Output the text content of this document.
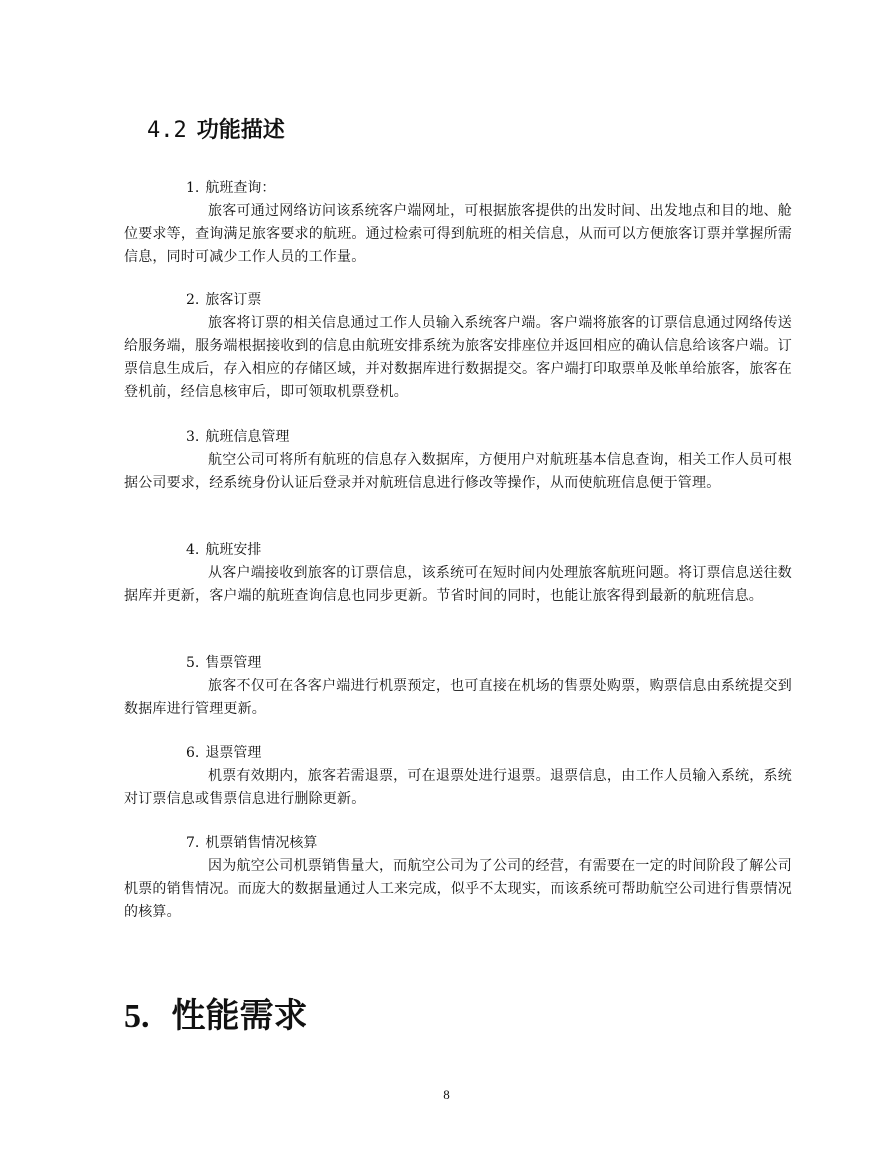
4.2 功能描述
1. 航班查询：
旅客可通过网络访问该系统客户端网址，可根据旅客提供的出发时间、出发地点和目的地、舱位要求等，查询满足旅客要求的航班。通过检索可得到航班的相关信息，从而可以方便旅客订票并掌握所需信息，同时可减少工作人员的工作量。
2. 旅客订票
旅客将订票的相关信息通过工作人员输入系统客户端。客户端将旅客的订票信息通过网络传送给服务端，服务端根据接收到的信息由航班安排系统为旅客安排座位并返回相应的确认信息给该客户端。订票信息生成后，存入相应的存储区域，并对数据库进行数据提交。客户端打印取票单及帐单给旅客，旅客在登机前，经信息核审后，即可领取机票登机。
3. 航班信息管理
航空公司可将所有航班的信息存入数据库，方便用户对航班基本信息查询，相关工作人员可根据公司要求，经系统身份认证后登录并对航班信息进行修改等操作，从而使航班信息便于管理。
4. 航班安排
从客户端接收到旅客的订票信息，该系统可在短时间内处理旅客航班问题。将订票信息送往数据库并更新，客户端的航班查询信息也同步更新。节省时间的同时，也能让旅客得到最新的航班信息。
5. 售票管理
旅客不仅可在各客户端进行机票预定，也可直接在机场的售票处购票，购票信息由系统提交到数据库进行管理更新。
6. 退票管理
机票有效期内，旅客若需退票，可在退票处进行退票。退票信息，由工作人员输入系统，系统对订票信息或售票信息进行删除更新。
7. 机票销售情况核算
因为航空公司机票销售量大，而航空公司为了公司的经营，有需要在一定的时间阶段了解公司机票的销售情况。而庞大的数据量通过人工来完成，似乎不太现实，而该系统可帮助航空公司进行售票情况的核算。
5. 性能需求
8
